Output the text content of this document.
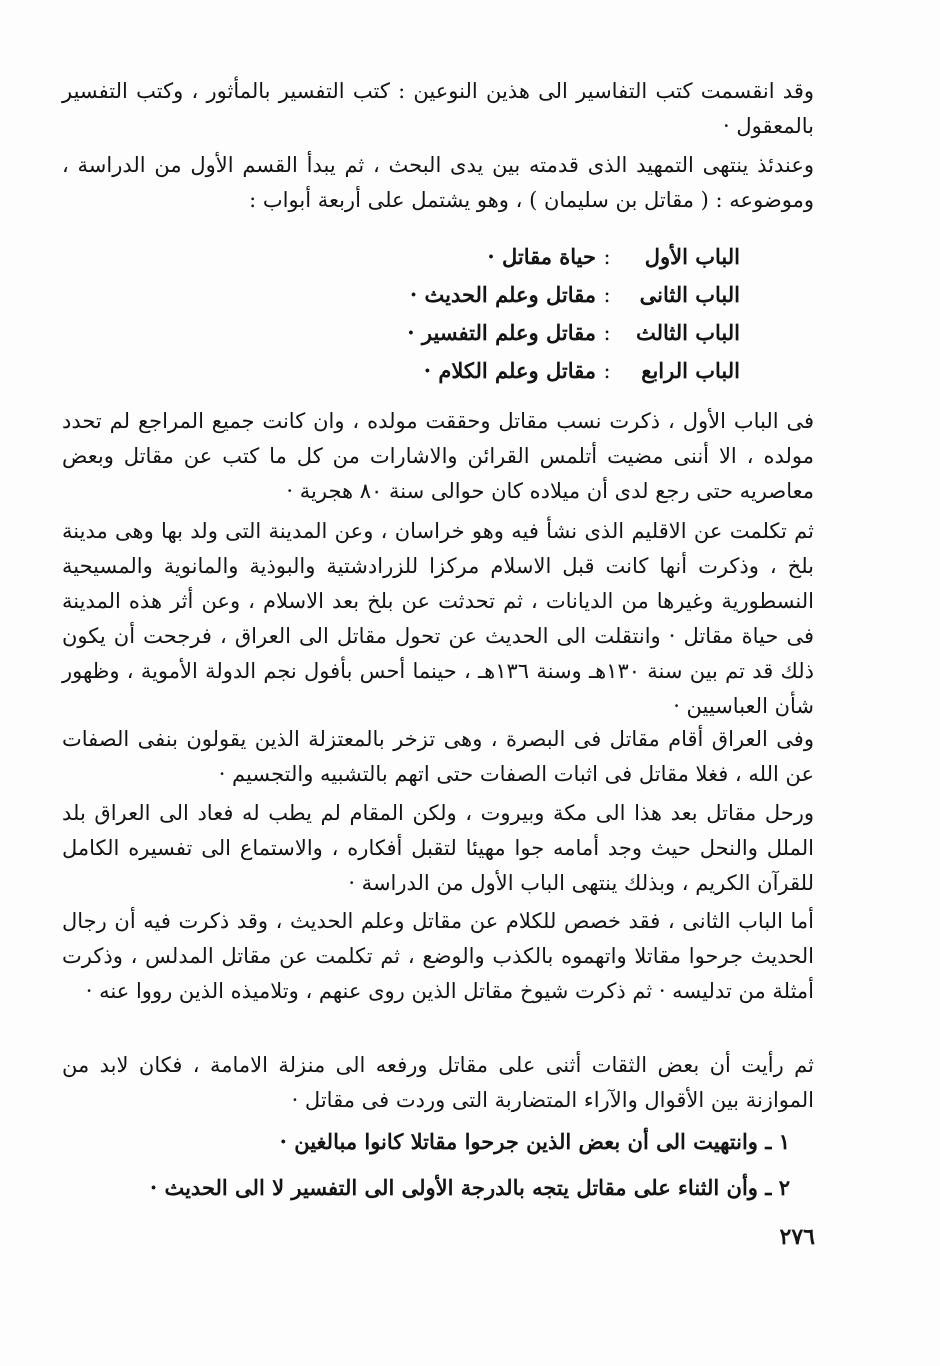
وقد انقسمت كتب التفاسير الى هذين النوعين : كتب التفسير بالمأثور ، وكتب التفسير بالمعقول ·

وعندئذ ينتهى التمهيد الذى قدمته بين يدى البحث ، ثم يبدأ القسم الأول من الدراسة ، وموضوعه : ( مقاتل بن سليمان ) ، وهو يشتمل على أربعة أبواب :

الباب الأول:حياة مقاتل ·
الباب الثانى:مقاتل وعلم الحديث ·
الباب الثالث:مقاتل وعلم التفسير ·
الباب الرابع:مقاتل وعلم الكلام ·

فى الباب الأول ، ذكرت نسب مقاتل وحققت مولده ، وان كانت جميع المراجع لم تحدد مولده ، الا أننى مضيت أتلمس القرائن والاشارات من كل ما كتب عن مقاتل وبعض معاصريه حتى رجع لدى أن ميلاده كان حوالى سنة ٨٠ هجرية ·

ثم تكلمت عن الاقليم الذى نشأ فيه وهو خراسان ، وعن المدينة التى ولد بها وهى مدينة بلخ ، وذكرت أنها كانت قبل الاسلام مركزا للزرادشتية والبوذية والمانوية والمسيحية النسطورية وغيرها من الديانات ، ثم تحدثت عن بلخ بعد الاسلام ، وعن أثر هذه المدينة فى حياة مقاتل · وانتقلت الى الحديث عن تحول مقاتل الى العراق ، فرجحت أن يكون ذلك قد تم بين سنة ١٣٠هـ وسنة ١٣٦هـ ، حينما أحس بأفول نجم الدولة الأموية ، وظهور شأن العباسيين ·

وفى العراق أقام مقاتل فى البصرة ، وهى تزخر بالمعتزلة الذين يقولون بنفى الصفات عن الله ، فغلا مقاتل فى اثبات الصفات حتى اتهم بالتشبيه والتجسيم ·

ورحل مقاتل بعد هذا الى مكة وبيروت ، ولكن المقام لم يطب له فعاد الى العراق بلد الملل والنحل حيث وجد أمامه جوا مهيئا لتقبل أفكاره ، والاستماع الى تفسيره الكامل للقرآن الكريم ، وبذلك ينتهى الباب الأول من الدراسة ·

أما الباب الثانى ، فقد خصص للكلام عن مقاتل وعلم الحديث ، وقد ذكرت فيه أن رجال الحديث جرحوا مقاتلا واتهموه بالكذب والوضع ، ثم تكلمت عن مقاتل المدلس ، وذكرت أمثلة من تدليسه · ثم ذكرت شيوخ مقاتل الذين روى عنهم ، وتلاميذه الذين رووا عنه ·

ثم رأيت أن بعض الثقات أثنى على مقاتل ورفعه الى منزلة الامامة ، فكان لابد من الموازنة بين الأقوال والآراء المتضاربة التى وردت فى مقاتل ·

١ ـ وانتهيت الى أن بعض الذين جرحوا مقاتلا كانوا مبالغين ·

٢ ـ وأن الثناء على مقاتل يتجه بالدرجة الأولى الى التفسير لا الى الحديث ·

٢٧٦
